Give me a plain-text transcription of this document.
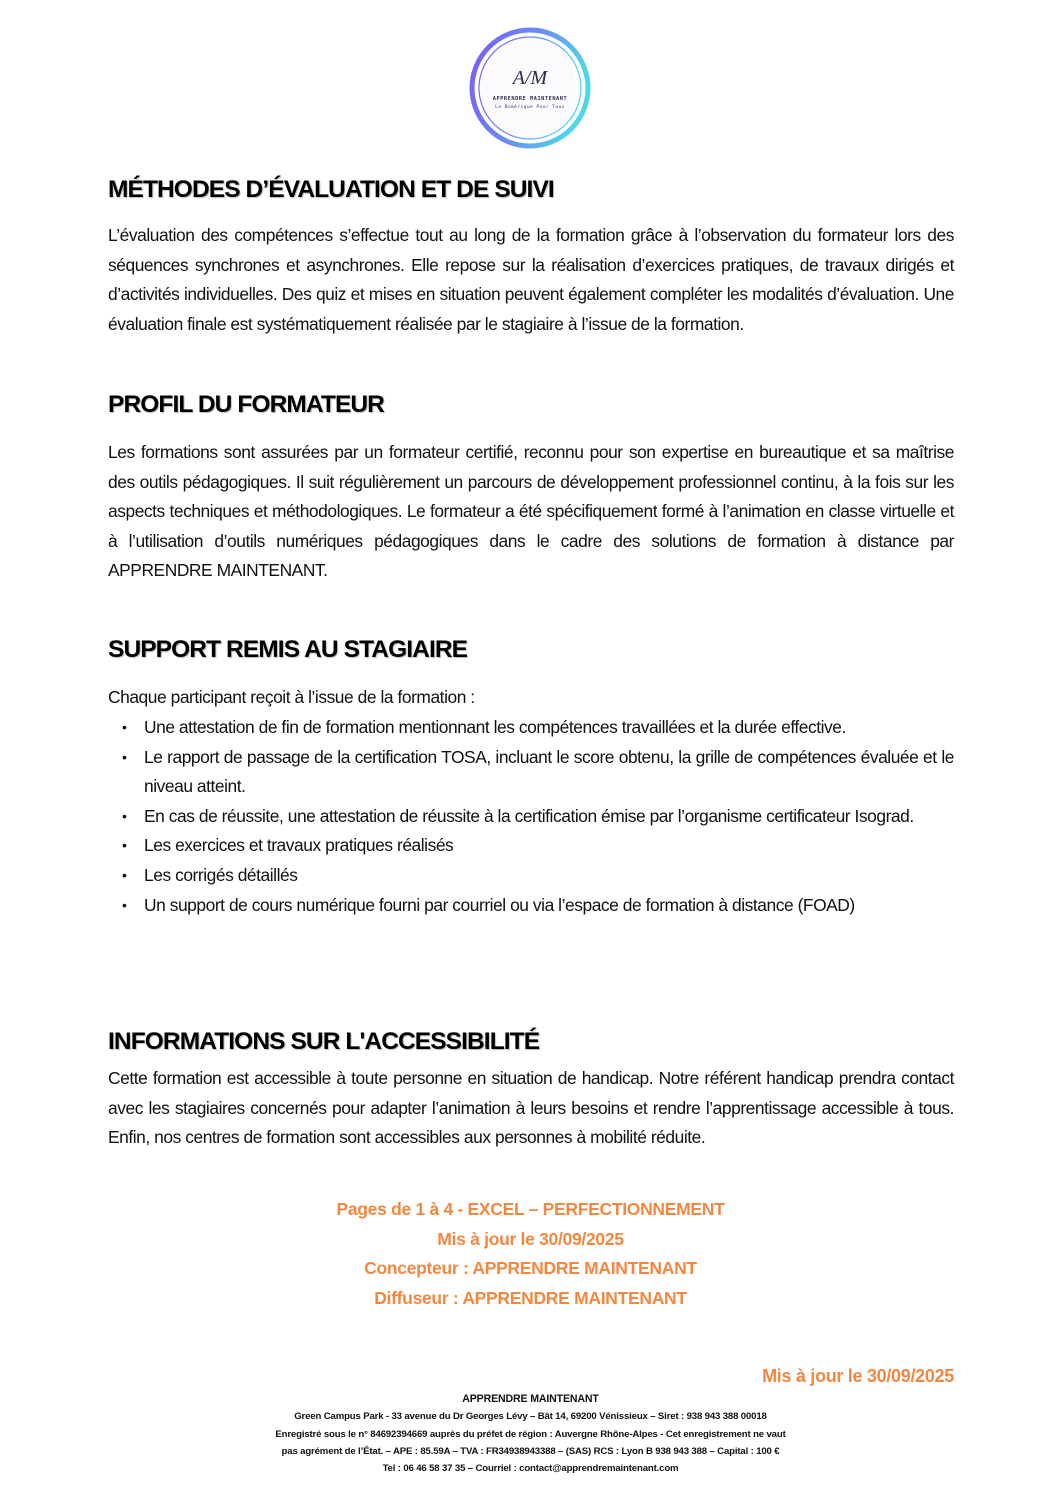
A/M
APPRENDRE MAINTENANT
Le Numérique Pour Tous
MÉTHODES D’ÉVALUATION ET DE SUIVI

L’évaluation des compétences s’effectue tout au long de la formation grâce à l’observation du formateur lors des séquences synchrones et asynchrones. Elle repose sur la réalisation d’exercices pratiques, de travaux dirigés et d’activités individuelles. Des quiz et mises en situation peuvent également compléter les modalités d’évaluation. Une évaluation finale est systématiquement réalisée par le stagiaire à l’issue de la formation.

PROFIL DU FORMATEUR

Les formations sont assurées par un formateur certifié, reconnu pour son expertise en bureautique et sa maîtrise des outils pédagogiques. Il suit régulièrement un parcours de développement professionnel continu, à la fois sur les aspects techniques et méthodologiques. Le formateur a été spécifiquement formé à l’animation en classe virtuelle et à l’utilisation d’outils numériques pédagogiques dans le cadre des solutions de formation à distance par APPRENDRE MAINTENANT.

SUPPORT REMIS AU STAGIAIRE

Chaque participant reçoit à l’issue de la formation :

• Une attestation de fin de formation mentionnant les compétences travaillées et la durée effective.
• Le rapport de passage de la certification TOSA, incluant le score obtenu, la grille de compétences évaluée et le niveau atteint.
• En cas de réussite, une attestation de réussite à la certification émise par l’organisme certificateur Isograd.
• Les exercices et travaux pratiques réalisés
• Les corrigés détaillés
• Un support de cours numérique fourni par courriel ou via l’espace de formation à distance (FOAD)
INFORMATIONS SUR L'ACCESSIBILITÉ

Cette formation est accessible à toute personne en situation de handicap. Notre référent handicap prendra contact avec les stagiaires concernés pour adapter l’animation à leurs besoins et rendre l’apprentissage accessible à tous. Enfin, nos centres de formation sont accessibles aux personnes à mobilité réduite.

Pages de 1 à 4 - EXCEL – PERFECTIONNEMENT
Mis à jour le 30/09/2025
Concepteur : APPRENDRE MAINTENANT
Diffuseur : APPRENDRE MAINTENANT
Mis à jour le 30/09/2025
APPRENDRE MAINTENANT
Green Campus Park - 33 avenue du Dr Georges Lévy – Bât 14, 69200 Vénissieux – Siret : 938 943 388 00018
Enregistré sous le n° 84692394669 auprès du préfet de région : Auvergne Rhône-Alpes - Cet enregistrement ne vaut
pas agrément de l’État. – APE : 85.59A – TVA : FR34938943388 – (SAS) RCS : Lyon B 938 943 388 – Capital : 100 €
Tel : 06 46 58 37 35 – Courriel : contact@apprendremaintenant.com
